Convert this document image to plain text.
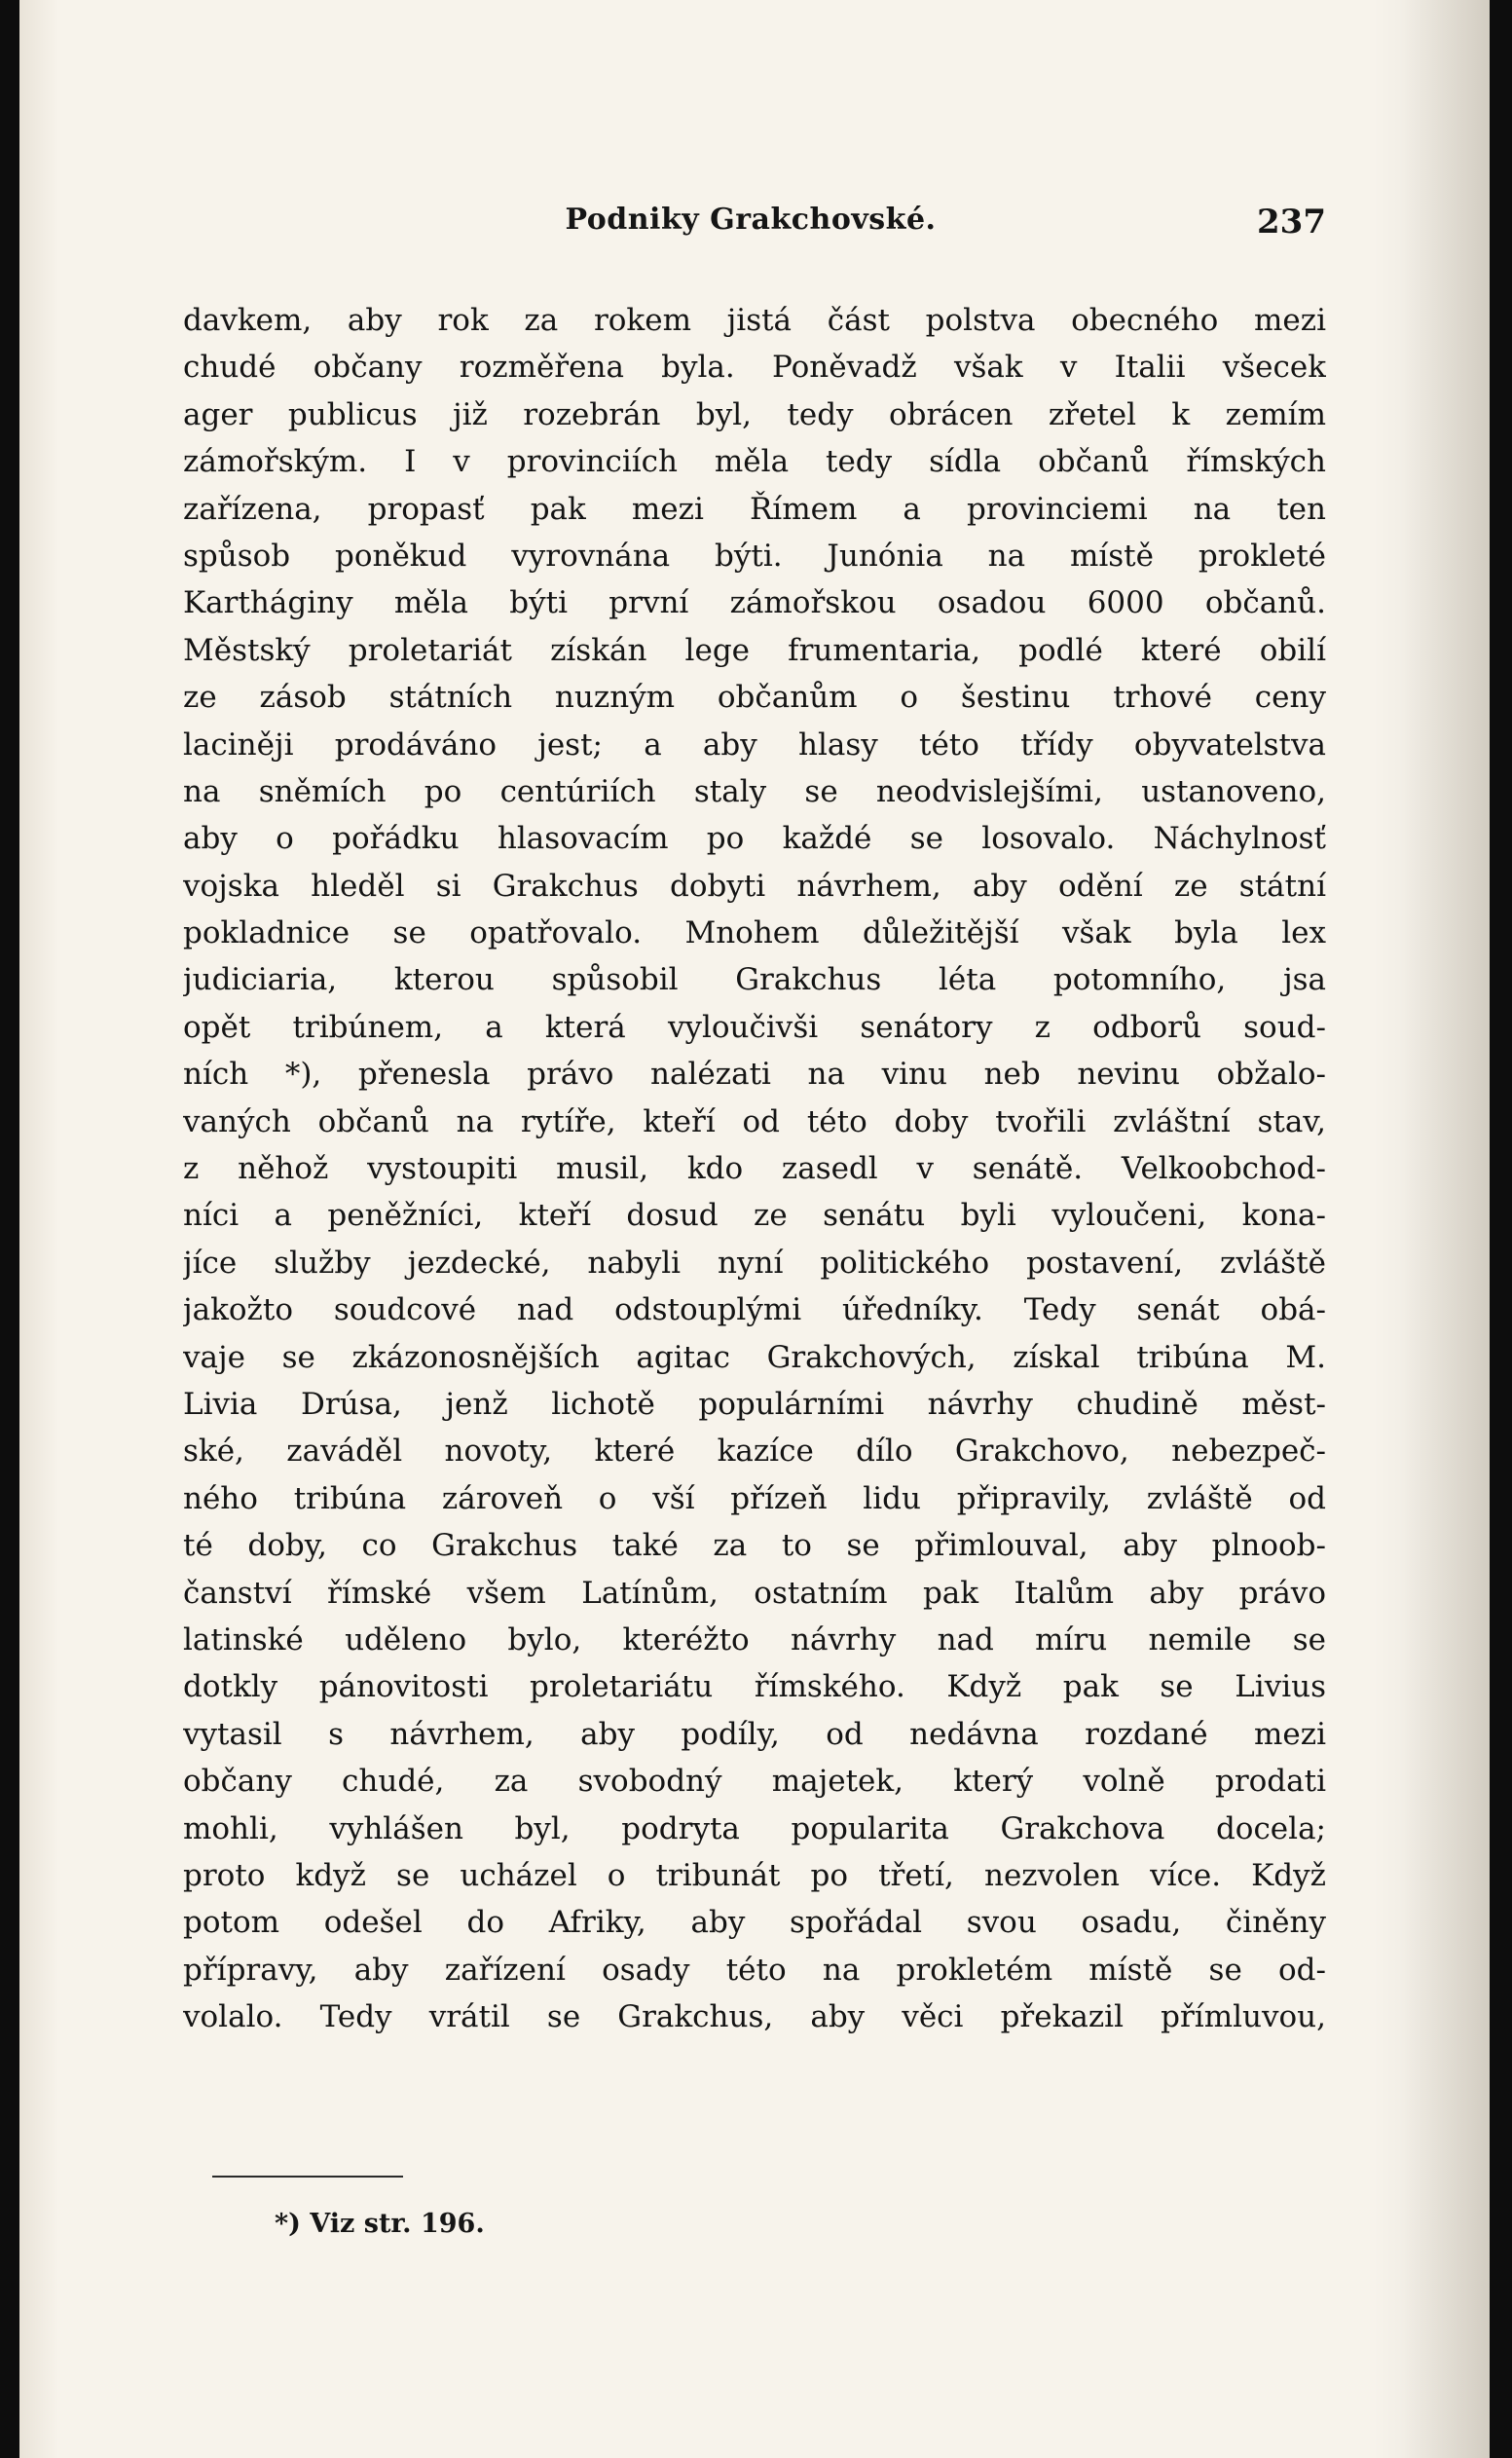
Podniky Grakchovské.	237
davkem, aby rok za rokem jistá část polstva obecného mezi
chudé občany rozměřena byla. Poněvadž však v Italii všecek
ager publicus již rozebrán byl, tedy obrácen zřetel k zemím
zámořským. I v provinciích měla tedy sídla občanů římských
zařízena, propasť pak mezi Římem a provinciemi na ten
spůsob poněkud vyrovnána býti. Junónia na místě prokleté
Kartháginy měla býti první zámořskou osadou 6000 občanů.
Městský proletariát získán lege frumentaria, podlé které obilí
ze zásob státních nuzným občanům o šestinu trhové ceny
laciněji prodáváno jest; a aby hlasy této třídy obyvatelstva
na sněmích po centúriích staly se neodvislejšími, ustanoveno,
aby o pořádku hlasovacím po každé se losovalo. Náchylnosť
vojska hleděl si Grakchus dobyti návrhem, aby odění ze státní
pokladnice se opatřovalo. Mnohem důležitější však byla lex
judiciaria, kterou spůsobil Grakchus léta potomního, jsa
opět tribúnem, a která vyloučivši senátory z odborů soud-
ních *), přenesla právo nalézati na vinu neb nevinu obžalo-
vaných občanů na rytíře, kteří od této doby tvořili zvláštní stav,
z něhož vystoupiti musil, kdo zasedl v senátě. Velkoobchod-
níci a peněžníci, kteří dosud ze senátu byli vyloučeni, kona-
jíce služby jezdecké, nabyli nyní politického postavení, zvláště
jakožto soudcové nad odstouplými úředníky. Tedy senát obá-
vaje se zkázonosnějších agitac Grakchových, získal tribúna M.
Livia Drúsa, jenž lichotě populárními návrhy chudině měst-
ské, zaváděl novoty, které kazíce dílo Grakchovo, nebezpeč-
ného tribúna zároveň o vší přízeň lidu připravily, zvláště od
té doby, co Grakchus také za to se přimlouval, aby plnoob-
čanství římské všem Latínům, ostatním pak Italům aby právo
latinské uděleno bylo, kteréžto návrhy nad míru nemile se
dotkly pánovitosti proletariátu římského. Když pak se Livius
vytasil s návrhem, aby podíly, od nedávna rozdané mezi
občany chudé, za svobodný majetek, který volně prodati
mohli, vyhlášen byl, podryta popularita Grakchova docela;
proto když se ucházel o tribunát po třetí, nezvolen více. Když
potom odešel do Afriky, aby spořádal svou osadu, činěny
přípravy, aby zařízení osady této na prokletém místě se od-
volalo. Tedy vrátil se Grakchus, aby věci překazil přímluvou,
*) Viz str. 196.
